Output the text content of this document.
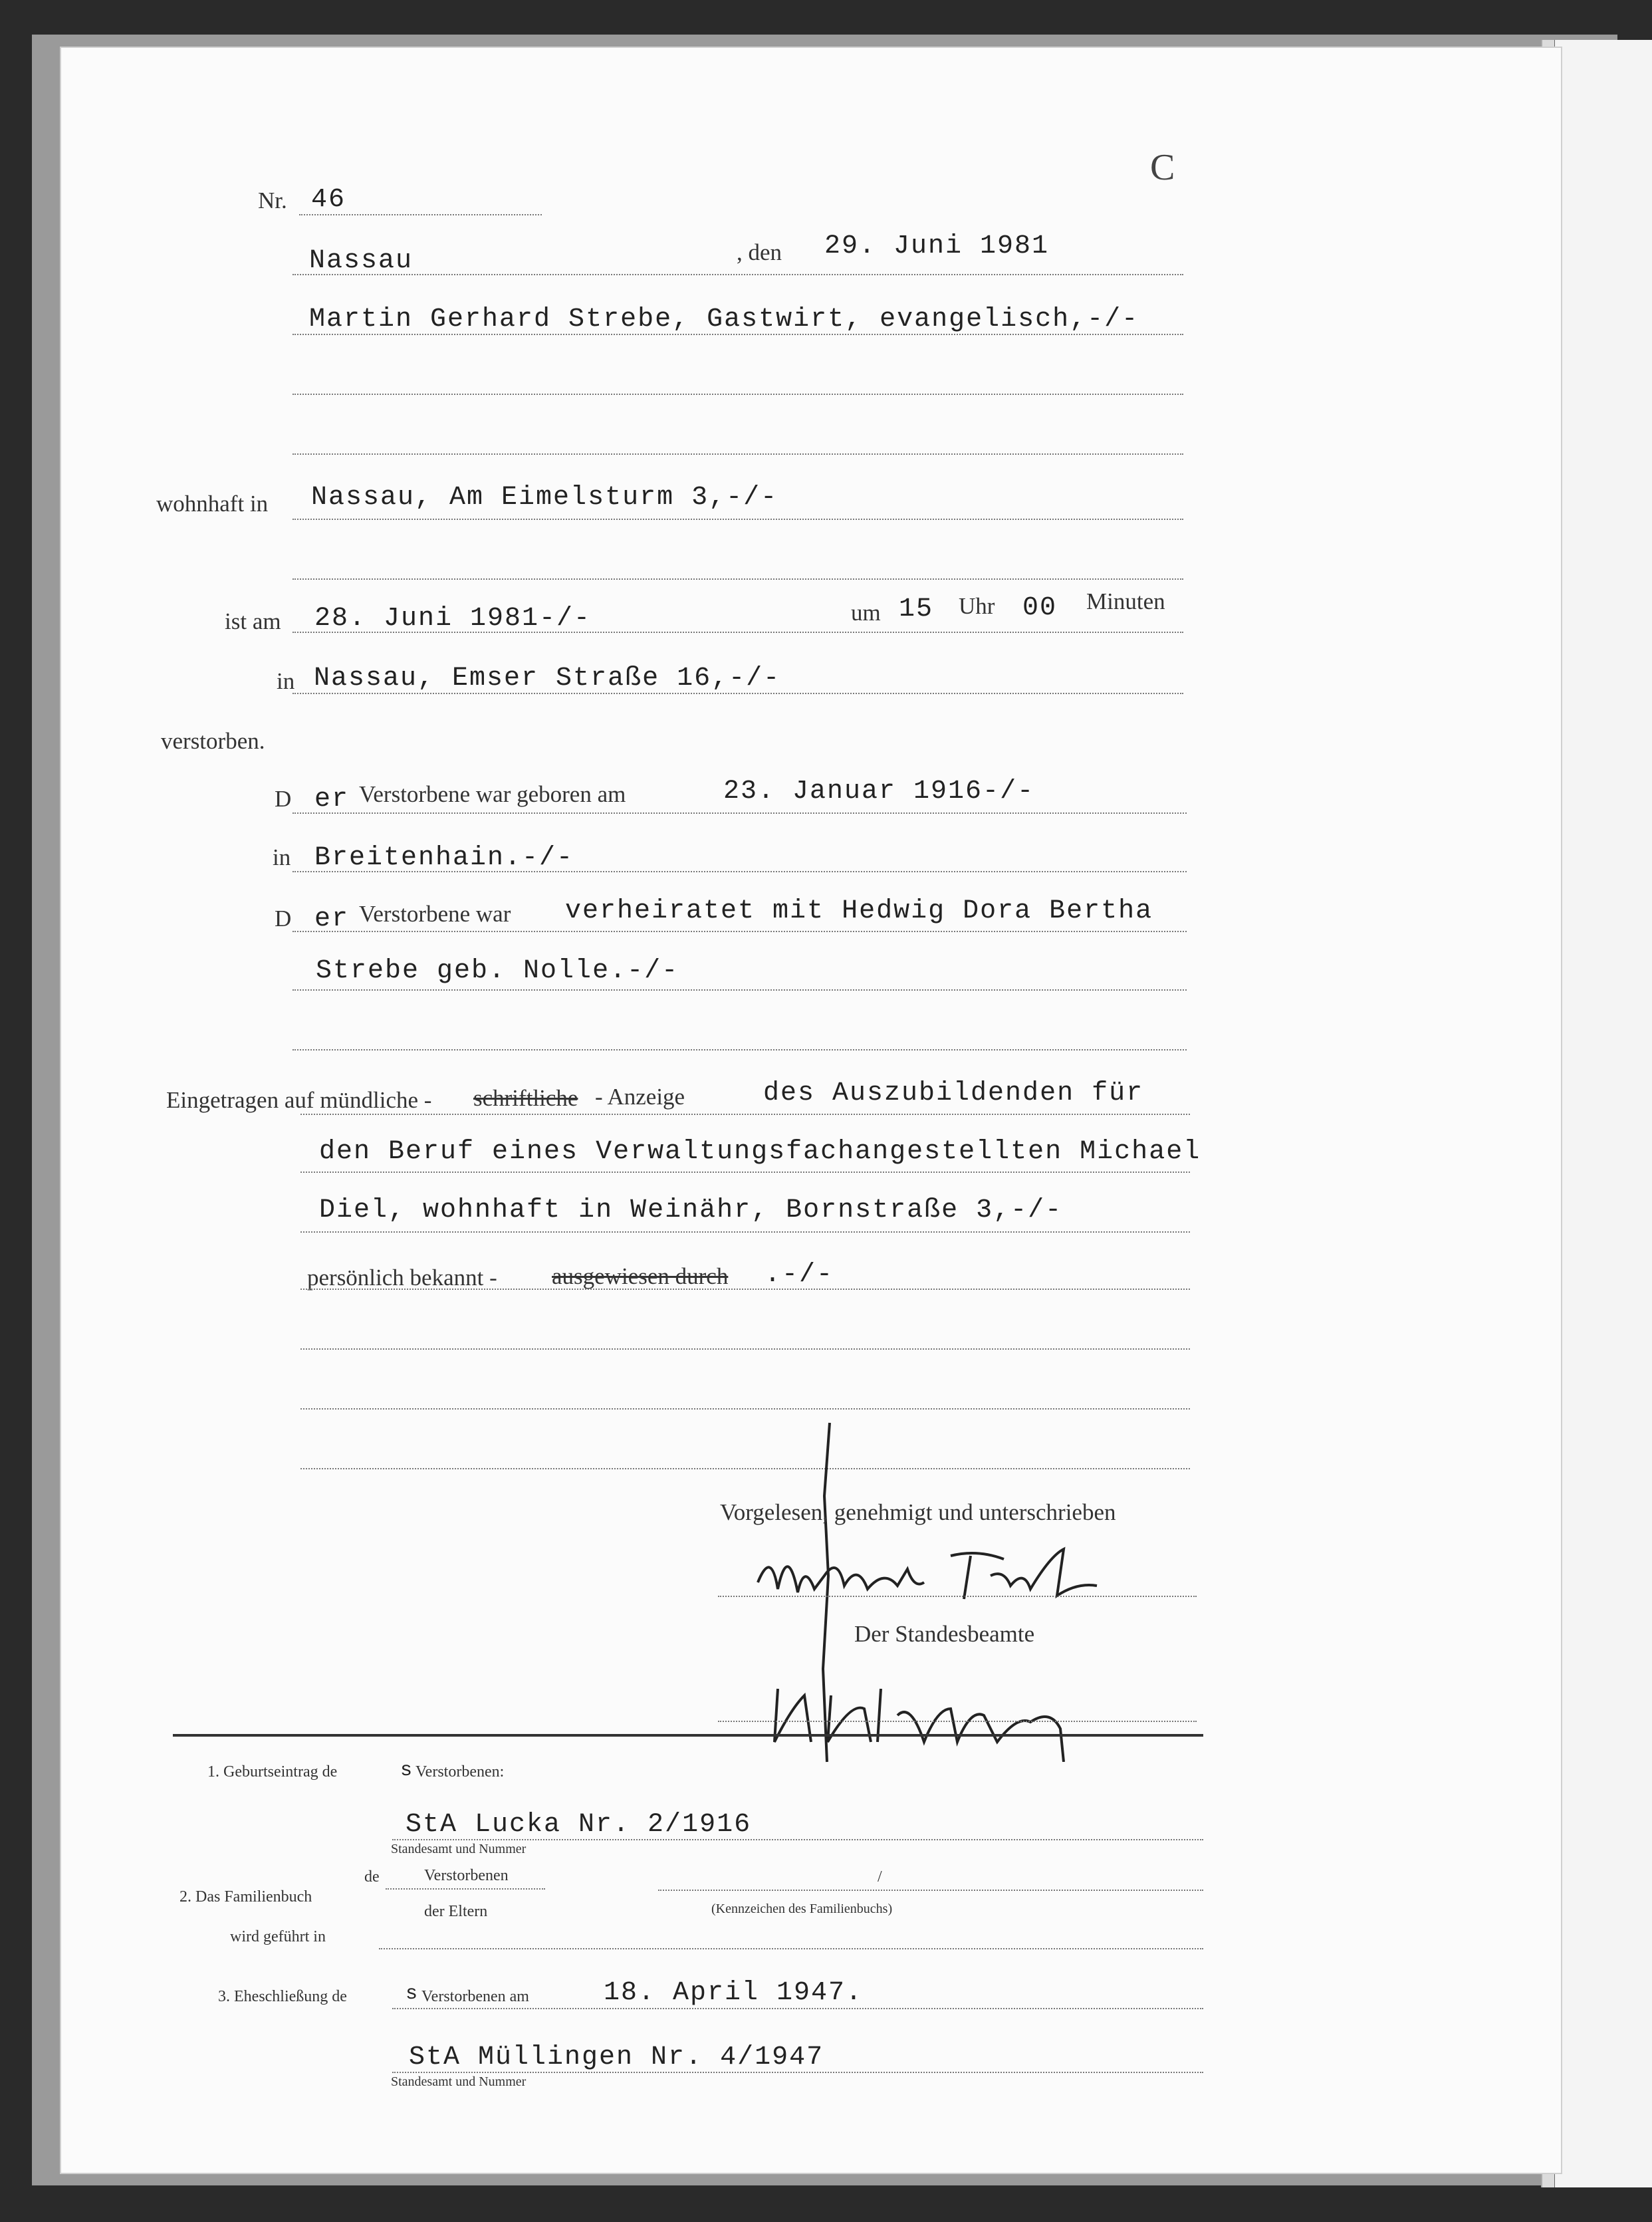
C
Nr. 46
Nassau	, den 29. Juni 1981
Martin Gerhard Strebe, Gastwirt, evangelisch,-/-
wohnhaft in Nassau, Am Eimelsturm 3,-/-
ist am 28. Juni 1981-/-	um 15 Uhr 00 Minuten
in Nassau, Emser Straße 16,-/-
verstorben.
D er Verstorbene war geboren am	23. Januar 1916-/-
in Breitenhain.-/-
D er Verstorbene war verheiratet mit Hedwig Dora Bertha
Strebe geb. Nolle.-/-
Eingetragen auf mündliche - schriftliche - Anzeige	des Auszubildenden für
den Beruf eines Verwaltungsfachangestellten Michael
Diel, wohnhaft in Weinähr, Bornstraße 3,-/-
persönlich bekannt - ausgewiesen durch .-/-
Vorgelesen, genehmigt und unterschrieben
Der Standesbeamte
1. Geburtseintrag de	s Verstorbenen:
StA Lucka Nr. 2/1916
Standesamt und Nummer
2. Das Familienbuch
de	Verstorbenen	/
der Eltern	(Kennzeichen des Familienbuchs)
wird geführt in
3. Eheschließung de	s Verstorbenen am	18. April 1947.
StA Müllingen Nr. 4/1947
Standesamt und Nummer
